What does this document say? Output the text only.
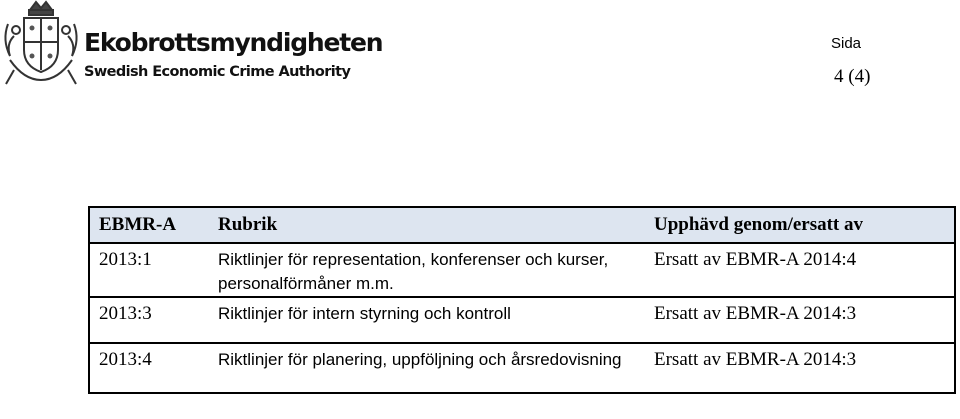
Ekobrottsmyndigheten
Swedish Economic Crime Authority
Sida
4 (4)
EBMR-A	Rubrik	Upphävd genom/ersatt av
2013:1	Riktlinjer för representation, konferenser och kurser, personalförmåner m.m.	Ersatt av EBMR-A 2014:4
2013:3	Riktlinjer för intern styrning och kontroll	Ersatt av EBMR-A 2014:3
2013:4	Riktlinjer för planering, uppföljning och årsredovisning	Ersatt av EBMR-A 2014:3
